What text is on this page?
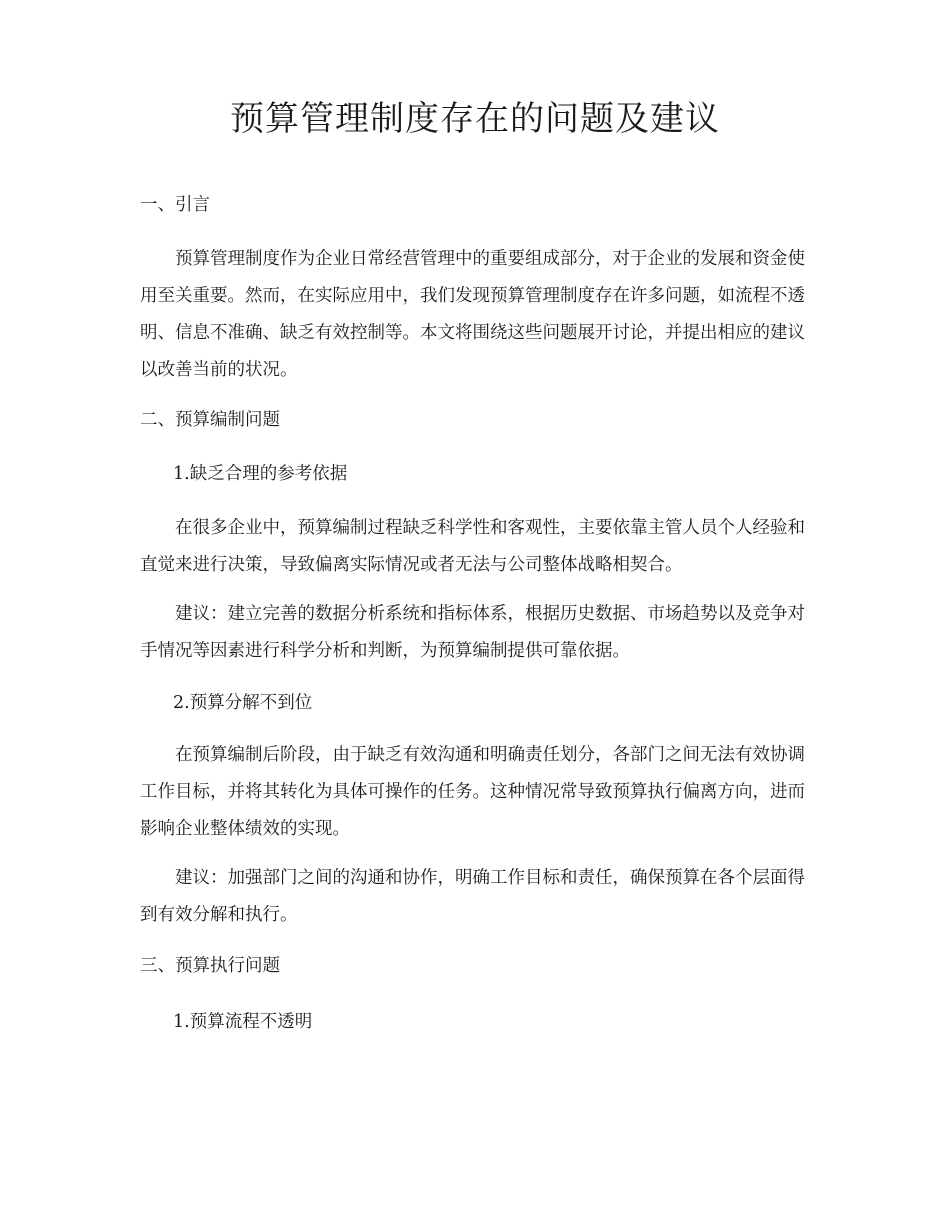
预算管理制度存在的问题及建议

一、引言

预算管理制度作为企业日常经营管理中的重要组成部分，对于企业的发展和资金使用至关重要。然而，在实际应用中，我们发现预算管理制度存在许多问题，如流程不透明、信息不准确、缺乏有效控制等。本文将围绕这些问题展开讨论，并提出相应的建议以改善当前的状况。

二、预算编制问题

1.缺乏合理的参考依据

在很多企业中，预算编制过程缺乏科学性和客观性，主要依靠主管人员个人经验和直觉来进行决策，导致偏离实际情况或者无法与公司整体战略相契合。

建议：建立完善的数据分析系统和指标体系，根据历史数据、市场趋势以及竞争对手情况等因素进行科学分析和判断，为预算编制提供可靠依据。

2.预算分解不到位

在预算编制后阶段，由于缺乏有效沟通和明确责任划分，各部门之间无法有效协调工作目标，并将其转化为具体可操作的任务。这种情况常导致预算执行偏离方向，进而影响企业整体绩效的实现。

建议：加强部门之间的沟通和协作，明确工作目标和责任，确保预算在各个层面得到有效分解和执行。

三、预算执行问题

1.预算流程不透明
